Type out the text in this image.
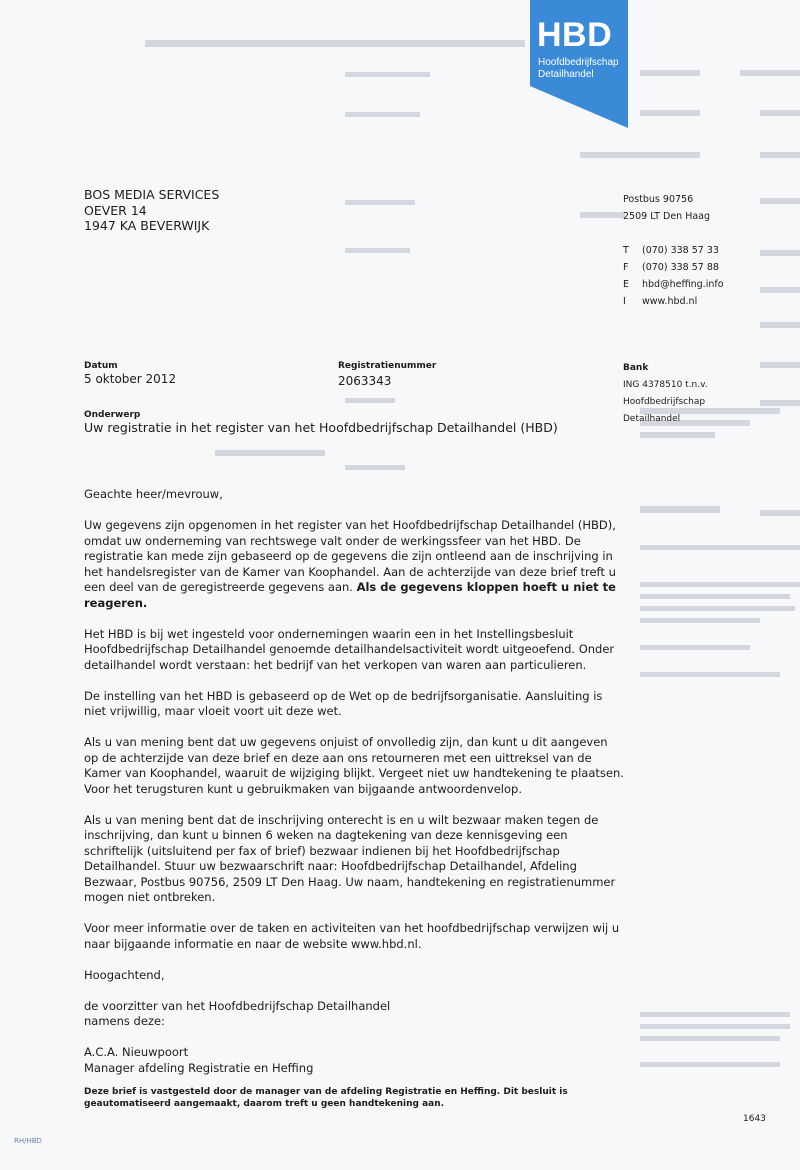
HBD
Hoofdbedrijfschap
Detailhandel
BOS MEDIA SERVICES
OEVER 14
1947 KA BEVERWIJK
Postbus 90756
2509 LT Den Haag
T (070) 338 57 33
F (070) 338 57 88
E hbd@heffing.info
I www.hbd.nl
Datum
5 oktober 2012
Registratienummer
2063343
Bank
ING 4378510 t.n.v.
Hoofdbedrijfschap
Detailhandel
Onderwerp
Uw registratie in het register van het Hoofdbedrijfschap Detailhandel (HBD)

Geachte heer/mevrouw,

Uw gegevens zijn opgenomen in het register van het Hoofdbedrijfschap Detailhandel (HBD), omdat uw onderneming van rechtswege valt onder de werkingssfeer van het HBD. De registratie kan mede zijn gebaseerd op de gegevens die zijn ontleend aan de inschrijving in het handelsregister van de Kamer van Koophandel. Aan de achterzijde van deze brief treft u een deel van de geregistreerde gegevens aan. Als de gegevens kloppen hoeft u niet te reageren.

Het HBD is bij wet ingesteld voor ondernemingen waarin een in het Instellingsbesluit Hoofdbedrijfschap Detailhandel genoemde detailhandelsactiviteit wordt uitgeoefend. Onder detailhandel wordt verstaan: het bedrijf van het verkopen van waren aan particulieren.

De instelling van het HBD is gebaseerd op de Wet op de bedrijfsorganisatie. Aansluiting is niet vrijwillig, maar vloeit voort uit deze wet.

Als u van mening bent dat uw gegevens onjuist of onvolledig zijn, dan kunt u dit aangeven op de achterzijde van deze brief en deze aan ons retourneren met een uittreksel van de Kamer van Koophandel, waaruit de wijziging blijkt. Vergeet niet uw handtekening te plaatsen. Voor het terugsturen kunt u gebruikmaken van bijgaande antwoordenvelop.

Als u van mening bent dat de inschrijving onterecht is en u wilt bezwaar maken tegen de inschrijving, dan kunt u binnen 6 weken na dagtekening van deze kennisgeving een schriftelijk (uitsluitend per fax of brief) bezwaar indienen bij het Hoofdbedrijfschap Detailhandel. Stuur uw bezwaarschrift naar: Hoofdbedrijfschap Detailhandel, Afdeling Bezwaar, Postbus 90756, 2509 LT Den Haag. Uw naam, handtekening en registratienummer mogen niet ontbreken.

Voor meer informatie over de taken en activiteiten van het hoofdbedrijfschap verwijzen wij u naar bijgaande informatie en naar de website www.hbd.nl.

Hoogachtend,

de voorzitter van het Hoofdbedrijfschap Detailhandel
namens deze:

A.C.A. Nieuwpoort
Manager afdeling Registratie en Heffing

Deze brief is vastgesteld door de manager van de afdeling Registratie en Heffing. Dit besluit is geautomatiseerd aangemaakt, daarom treft u geen handtekening aan.
1643
RH/HBD
